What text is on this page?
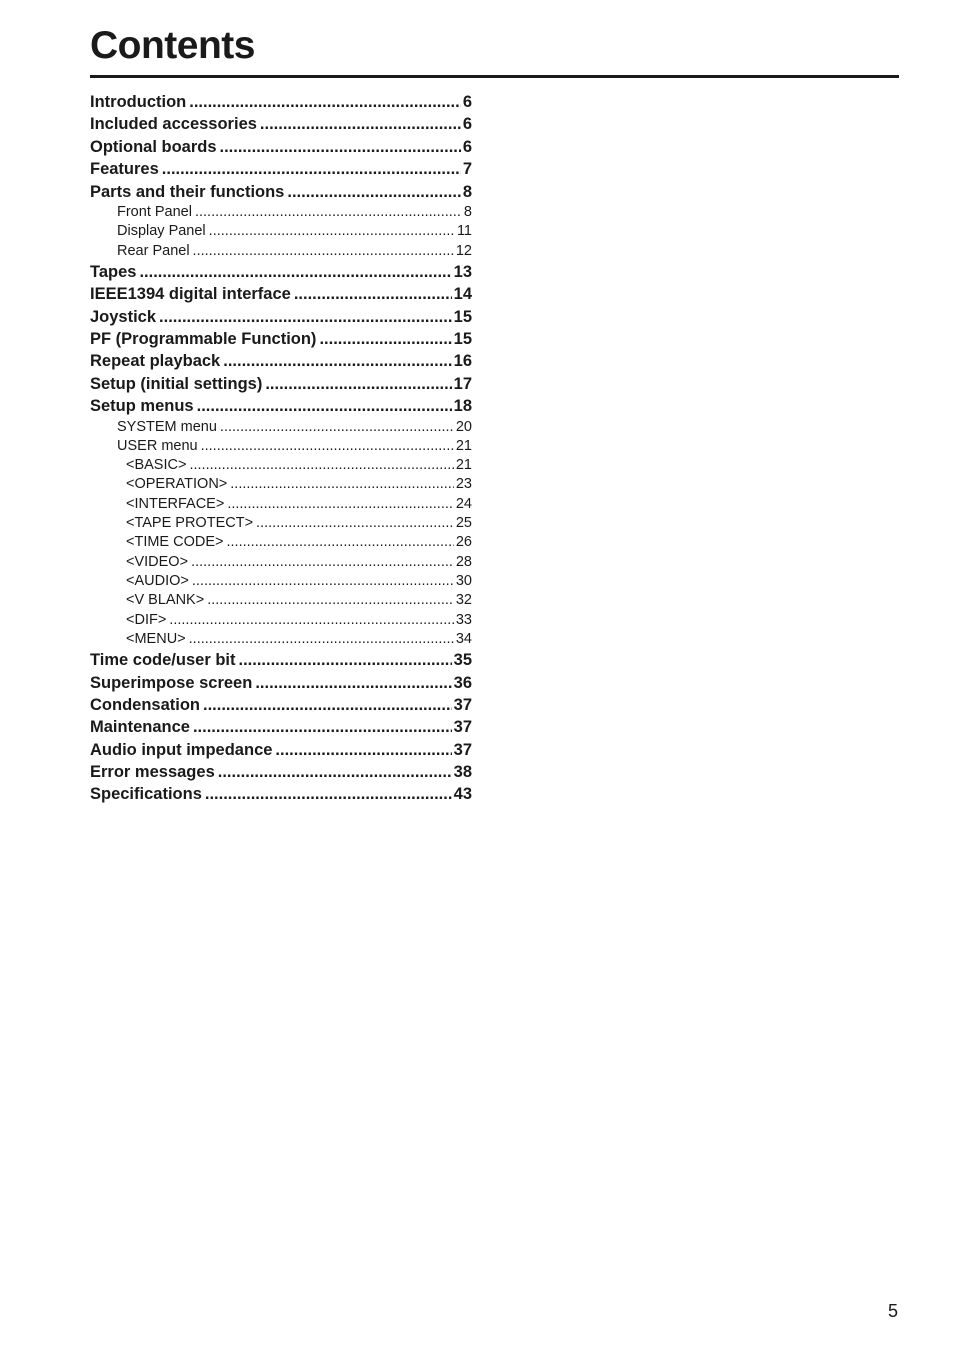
Contents
Introduction .....	6
Included accessories .....	6
Optional boards .....	6
Features .....	7
Parts and their functions .....	8
Front Panel .....	8
Display Panel .....	11
Rear Panel .....	12
Tapes .....	13
IEEE1394 digital interface .....	14
Joystick .....	15
PF (Programmable Function) .....	15
Repeat playback .....	16
Setup (initial settings) .....	17
Setup menus .....	18
SYSTEM menu .....	20
USER menu .....	21
<BASIC> .....	21
<OPERATION> .....	23
<INTERFACE> .....	24
<TAPE PROTECT> .....	25
<TIME CODE> .....	26
<VIDEO> .....	28
<AUDIO> .....	30
<V BLANK> .....	32
<DIF> .....	33
<MENU> .....	34
Time code/user bit .....	35
Superimpose screen .....	36
Condensation .....	37
Maintenance .....	37
Audio input impedance .....	37
Error messages .....	38
Specifications .....	43
5
